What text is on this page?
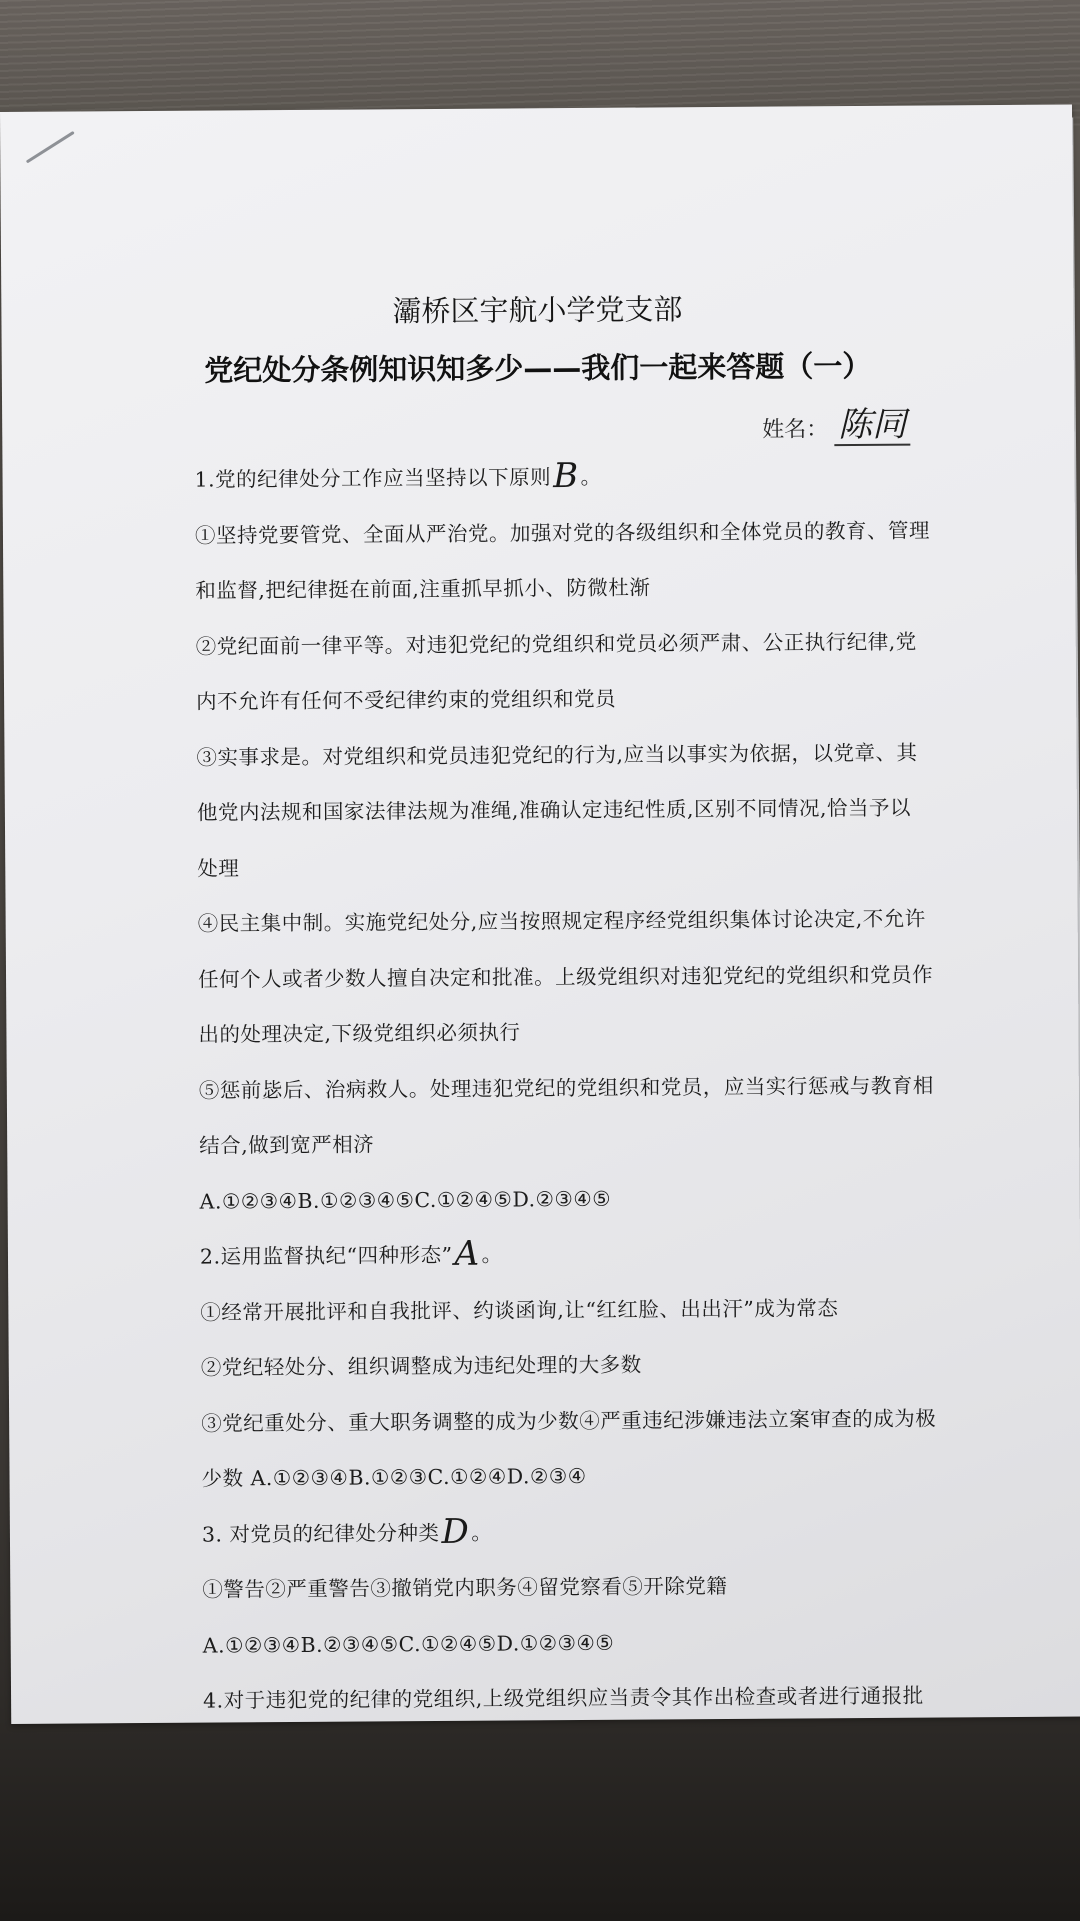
灞桥区宇航小学党支部
党纪处分条例知识知多少——我们一起来答题（一）
姓名： 陈同
1.党的纪律处分工作应当坚持以下原则B。
①坚持党要管党、全面从严治党。加强对党的各级组织和全体党员的教育、管理
和监督,把纪律挺在前面,注重抓早抓小、防微杜渐
②党纪面前一律平等。对违犯党纪的党组织和党员必须严肃、公正执行纪律,党
内不允许有任何不受纪律约束的党组织和党员
③实事求是。对党组织和党员违犯党纪的行为,应当以事实为依据，以党章、其
他党内法规和国家法律法规为准绳,准确认定违纪性质,区别不同情况,恰当予以
处理
④民主集中制。实施党纪处分,应当按照规定程序经党组织集体讨论决定,不允许
任何个人或者少数人擅自决定和批准。上级党组织对违犯党纪的党组织和党员作
出的处理决定,下级党组织必须执行
⑤惩前毖后、治病救人。处理违犯党纪的党组织和党员，应当实行惩戒与教育相
结合,做到宽严相济
A.①②③④B.①②③④⑤C.①②④⑤D.②③④⑤
2.运用监督执纪“四种形态”A。
①经常开展批评和自我批评、约谈函询,让“红红脸、出出汗”成为常态
②党纪轻处分、组织调整成为违纪处理的大多数
③党纪重处分、重大职务调整的成为少数④严重违纪涉嫌违法立案审查的成为极
少数 A.①②③④B.①②③C.①②④D.②③④
3. 对党员的纪律处分种类D。
①警告②严重警告③撤销党内职务④留党察看⑤开除党籍
A.①②③④B.②③④⑤C.①②④⑤D.①②③④⑤
4.对于违犯党的纪律的党组织,上级党组织应当责令其作出检查或者进行通报批
